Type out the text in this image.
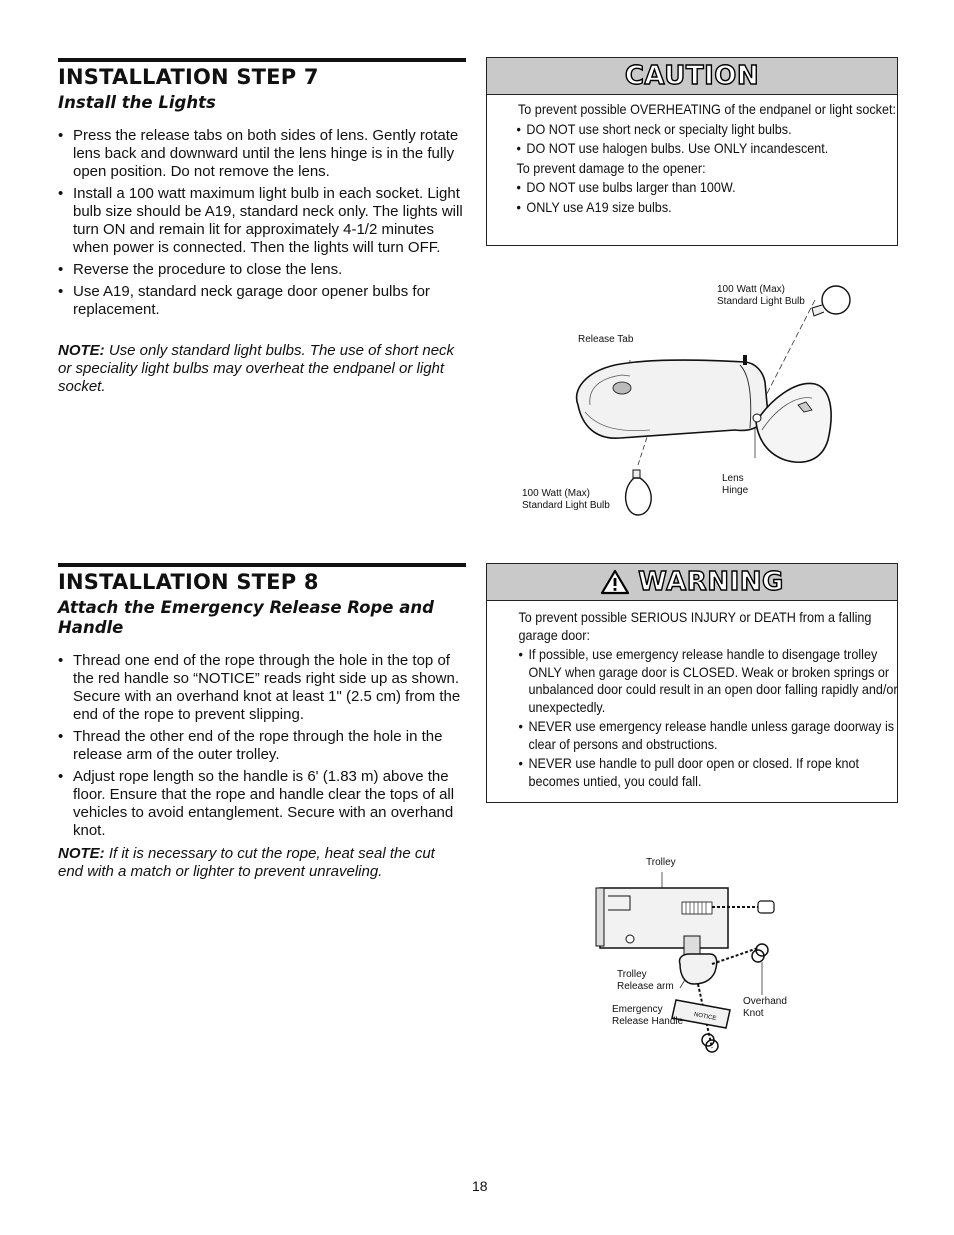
INSTALLATION STEP 7
Install the Lights
• Press the release tabs on both sides of lens. Gently rotate lens back and downward until the lens hinge is in the fully open position. Do not remove the lens.
• Install a 100 watt maximum light bulb in each socket. Light bulb size should be A19, standard neck only. The lights will turn ON and remain lit for approximately 4-1/2 minutes when power is connected. Then the lights will turn OFF.
• Reverse the procedure to close the lens.
• Use A19, standard neck garage door opener bulbs for replacement.

NOTE: Use only standard light bulbs. The use of short neck or speciality light bulbs may overheat the endpanel or light socket.

CAUTION

To prevent possible OVERHEATING of the endpanel or light socket:

• DO NOT use short neck or specialty light bulbs.
• DO NOT use halogen bulbs. Use ONLY incandescent.

To prevent damage to the opener:

• DO NOT use bulbs larger than 100W.
• ONLY use A19 size bulbs.
100 Watt (Max) Standard Light Bulb
Release Tab
Lens Hinge
100 Watt (Max) Standard Light Bulb
INSTALLATION STEP 8
Attach the Emergency Release Rope and Handle
• Thread one end of the rope through the hole in the top of the red handle so “NOTICE” reads right side up as shown. Secure with an overhand knot at least 1" (2.5 cm) from the end of the rope to prevent slipping.
• Thread the other end of the rope through the hole in the release arm of the outer trolley.
• Adjust rope length so the handle is 6' (1.83 m) above the floor. Ensure that the rope and handle clear the tops of all vehicles to avoid entanglement. Secure with an overhand knot.

NOTE: If it is necessary to cut the rope, heat seal the cut end with a match or lighter to prevent unraveling.

WARNING

To prevent possible SERIOUS INJURY or DEATH from a falling garage door:

• If possible, use emergency release handle to disengage trolley ONLY when garage door is CLOSED. Weak or broken springs or unbalanced door could result in an open door falling rapidly and/or unexpectedly.
• NEVER use emergency release handle unless garage doorway is clear of persons and obstructions.
• NEVER use handle to pull door open or closed. If rope knot becomes untied, you could fall.
NOTICE
Trolley
Trolley Release arm
Emergency Release Handle
Overhand Knot
18
